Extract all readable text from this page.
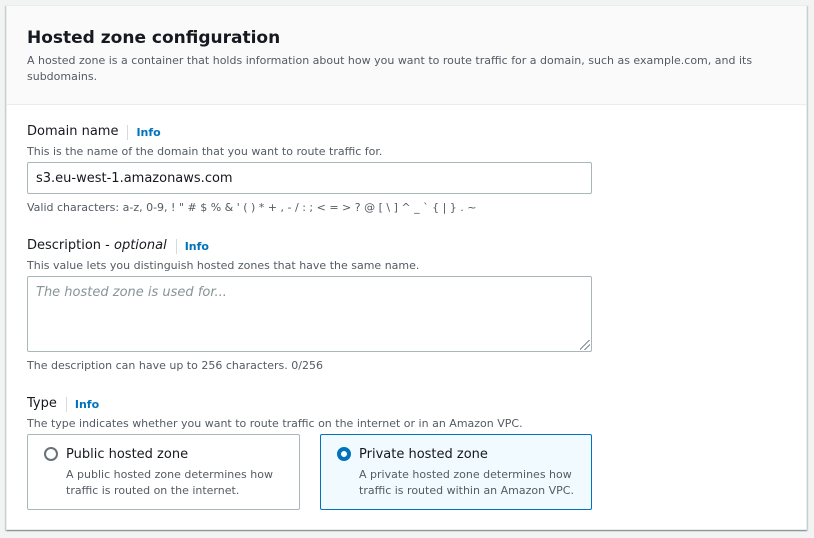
Hosted zone configuration
A hosted zone is a container that holds information about how you want to route traffic for a domain, such as example.com, and its subdomains.
Domain name Info
This is the name of the domain that you want to route traffic for.
s3.eu-west-1.amazonaws.com
Valid characters: a-z, 0-9, ! " # $ % & ' ( ) * + , - / : ; < = > ? @ [ \ ] ^ _ ` { | } . ~
Description - optional Info
This value lets you distinguish hosted zones that have the same name.
The hosted zone is used for...
The description can have up to 256 characters. 0/256
Type Info
The type indicates whether you want to route traffic on the internet or in an Amazon VPC.
Public hosted zone
A public hosted zone determines how traffic is routed on the internet.
Private hosted zone
A private hosted zone determines how traffic is routed within an Amazon VPC.
